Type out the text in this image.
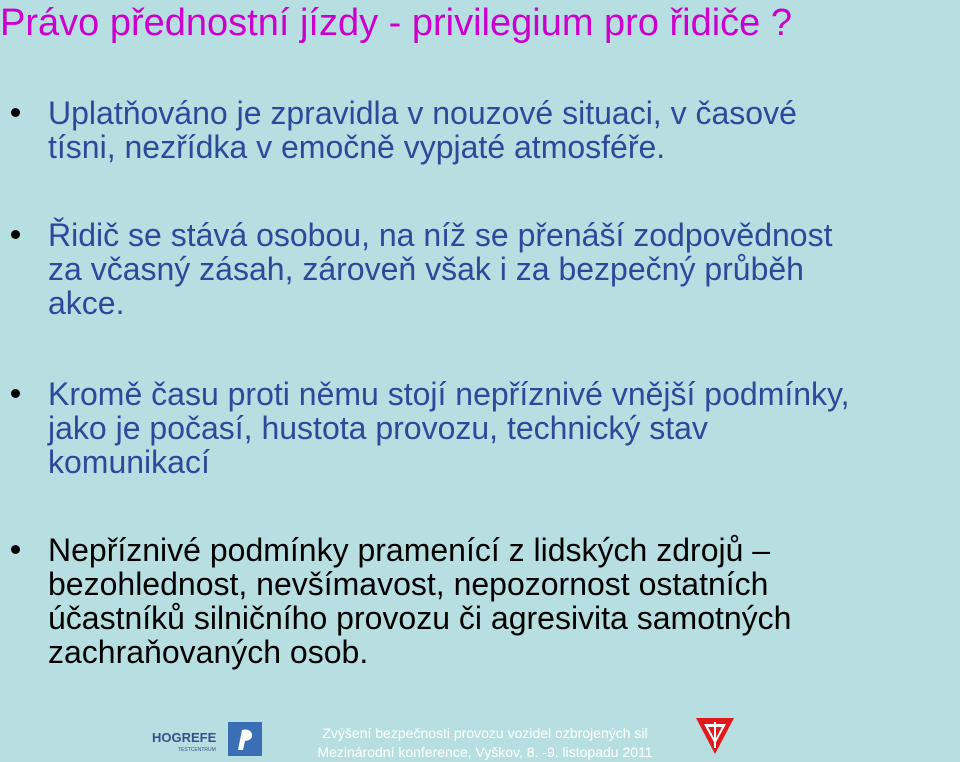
Právo přednostní jízdy - privilegium pro řidiče ?
Uplatňováno je zpravidla v nouzové situaci, v časové
tísni, nezřídka v emočně vypjaté atmosféře.
Řidič se stává osobou, na níž se přenáší zodpovědnost
za včasný zásah, zároveň však i za bezpečný průběh
akce.
Kromě času proti němu stojí nepříznivé vnější podmínky,
jako je počasí, hustota provozu, technický stav
komunikací
Nepříznivé podmínky pramenící z lidských zdrojů –
bezohlednost, nevšímavost, nepozornost ostatních
účastníků silničního provozu či agresivita samotných
zachraňovaných osob.
HOGREFE
TESTCENTRUM
Zvýšení bezpečnosti provozu vozidel ozbrojených sil
Mezinárodní konference, Vyškov, 8. -9. listopadu 2011
